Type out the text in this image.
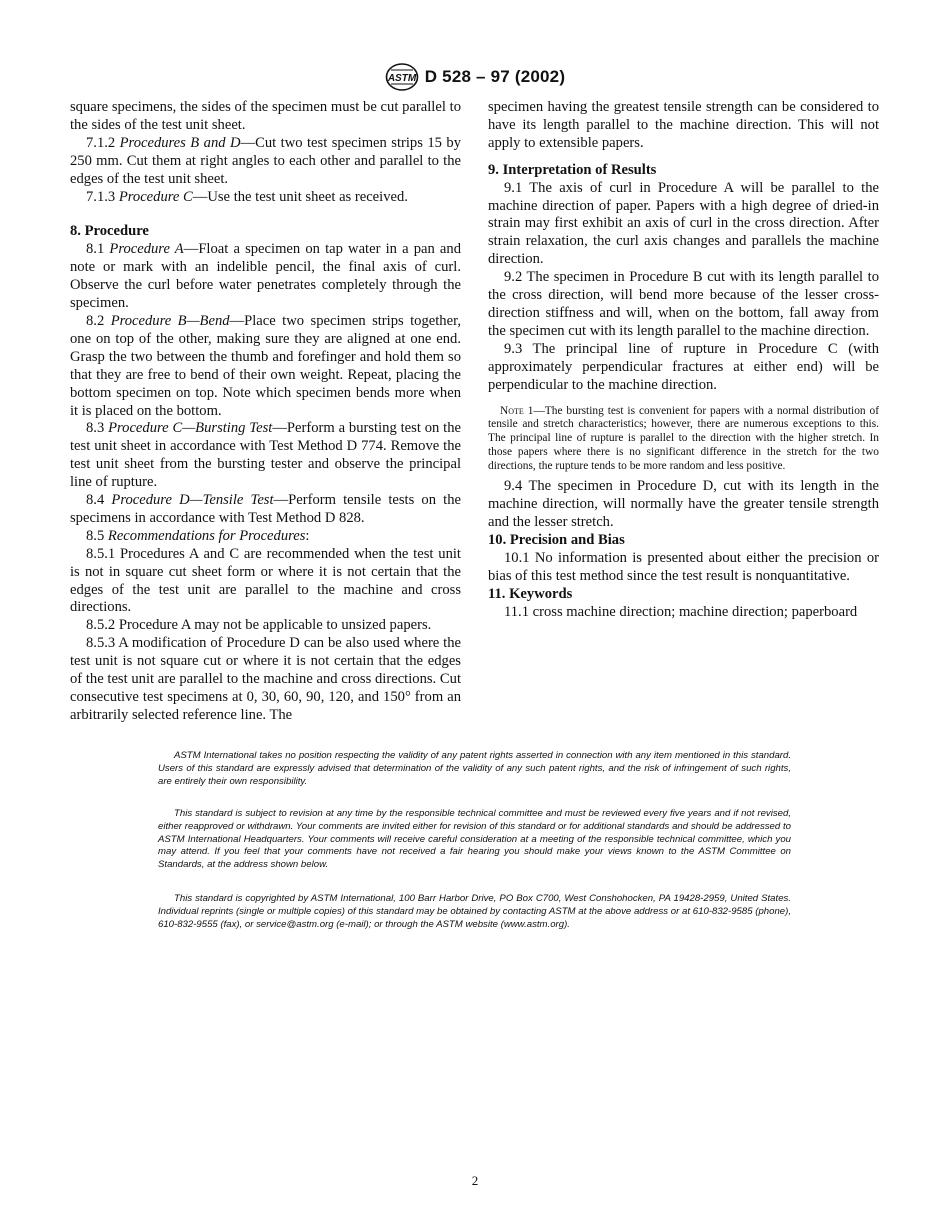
ASTM D 528 – 97 (2002)

square specimens, the sides of the specimen must be cut parallel to the sides of the test unit sheet.

7.1.2 Procedures B and D—Cut two test specimen strips 15 by 250 mm. Cut them at right angles to each other and parallel to the edges of the test unit sheet.

7.1.3 Procedure C—Use the test unit sheet as received.

8. Procedure

8.1 Procedure A—Float a specimen on tap water in a pan and note or mark with an indelible pencil, the final axis of curl. Observe the curl before water penetrates completely through the specimen.

8.2 Procedure B—Bend—Place two specimen strips together, one on top of the other, making sure they are aligned at one end. Grasp the two between the thumb and forefinger and hold them so that they are free to bend of their own weight. Repeat, placing the bottom specimen on top. Note which specimen bends more when it is placed on the bottom.

8.3 Procedure C—Bursting Test—Perform a bursting test on the test unit sheet in accordance with Test Method D 774. Remove the test unit sheet from the bursting tester and observe the principal line of rupture.

8.4 Procedure D—Tensile Test—Perform tensile tests on the specimens in accordance with Test Method D 828.

8.5 Recommendations for Procedures:

8.5.1 Procedures A and C are recommended when the test unit is not in square cut sheet form or where it is not certain that the edges of the test unit are parallel to the machine and cross directions.

8.5.2 Procedure A may not be applicable to unsized papers.

8.5.3 A modification of Procedure D can be also used where the test unit is not square cut or where it is not certain that the edges of the test unit are parallel to the machine and cross directions. Cut consecutive test specimens at 0, 30, 60, 90, 120, and 150° from an arbitrarily selected reference line. The

specimen having the greatest tensile strength can be considered to have its length parallel to the machine direction. This will not apply to extensible papers.

9. Interpretation of Results

9.1 The axis of curl in Procedure A will be parallel to the machine direction of paper. Papers with a high degree of dried-in strain may first exhibit an axis of curl in the cross direction. After strain relaxation, the curl axis changes and parallels the machine direction.

9.2 The specimen in Procedure B cut with its length parallel to the cross direction, will bend more because of the lesser cross-direction stiffness and will, when on the bottom, fall away from the specimen cut with its length parallel to the machine direction.

9.3 The principal line of rupture in Procedure C (with approximately perpendicular fractures at either end) will be perpendicular to the machine direction.

Note 1—The bursting test is convenient for papers with a normal distribution of tensile and stretch characteristics; however, there are numerous exceptions to this. The principal line of rupture is parallel to the direction with the higher stretch. In those papers where there is no significant difference in the stretch for the two directions, the rupture tends to be more random and less positive.

9.4 The specimen in Procedure D, cut with its length in the machine direction, will normally have the greater tensile strength and the lesser stretch.

10. Precision and Bias

10.1 No information is presented about either the precision or bias of this test method since the test result is nonquantitative.

11. Keywords

11.1 cross machine direction; machine direction; paperboard

ASTM International takes no position respecting the validity of any patent rights asserted in connection with any item mentioned in this standard. Users of this standard are expressly advised that determination of the validity of any such patent rights, and the risk of infringement of such rights, are entirely their own responsibility.

This standard is subject to revision at any time by the responsible technical committee and must be reviewed every five years and if not revised, either reapproved or withdrawn. Your comments are invited either for revision of this standard or for additional standards and should be addressed to ASTM International Headquarters. Your comments will receive careful consideration at a meeting of the responsible technical committee, which you may attend. If you feel that your comments have not received a fair hearing you should make your views known to the ASTM Committee on Standards, at the address shown below.

This standard is copyrighted by ASTM International, 100 Barr Harbor Drive, PO Box C700, West Conshohocken, PA 19428-2959, United States. Individual reprints (single or multiple copies) of this standard may be obtained by contacting ASTM at the above address or at 610-832-9585 (phone), 610-832-9555 (fax), or service@astm.org (e-mail); or through the ASTM website (www.astm.org).

2
